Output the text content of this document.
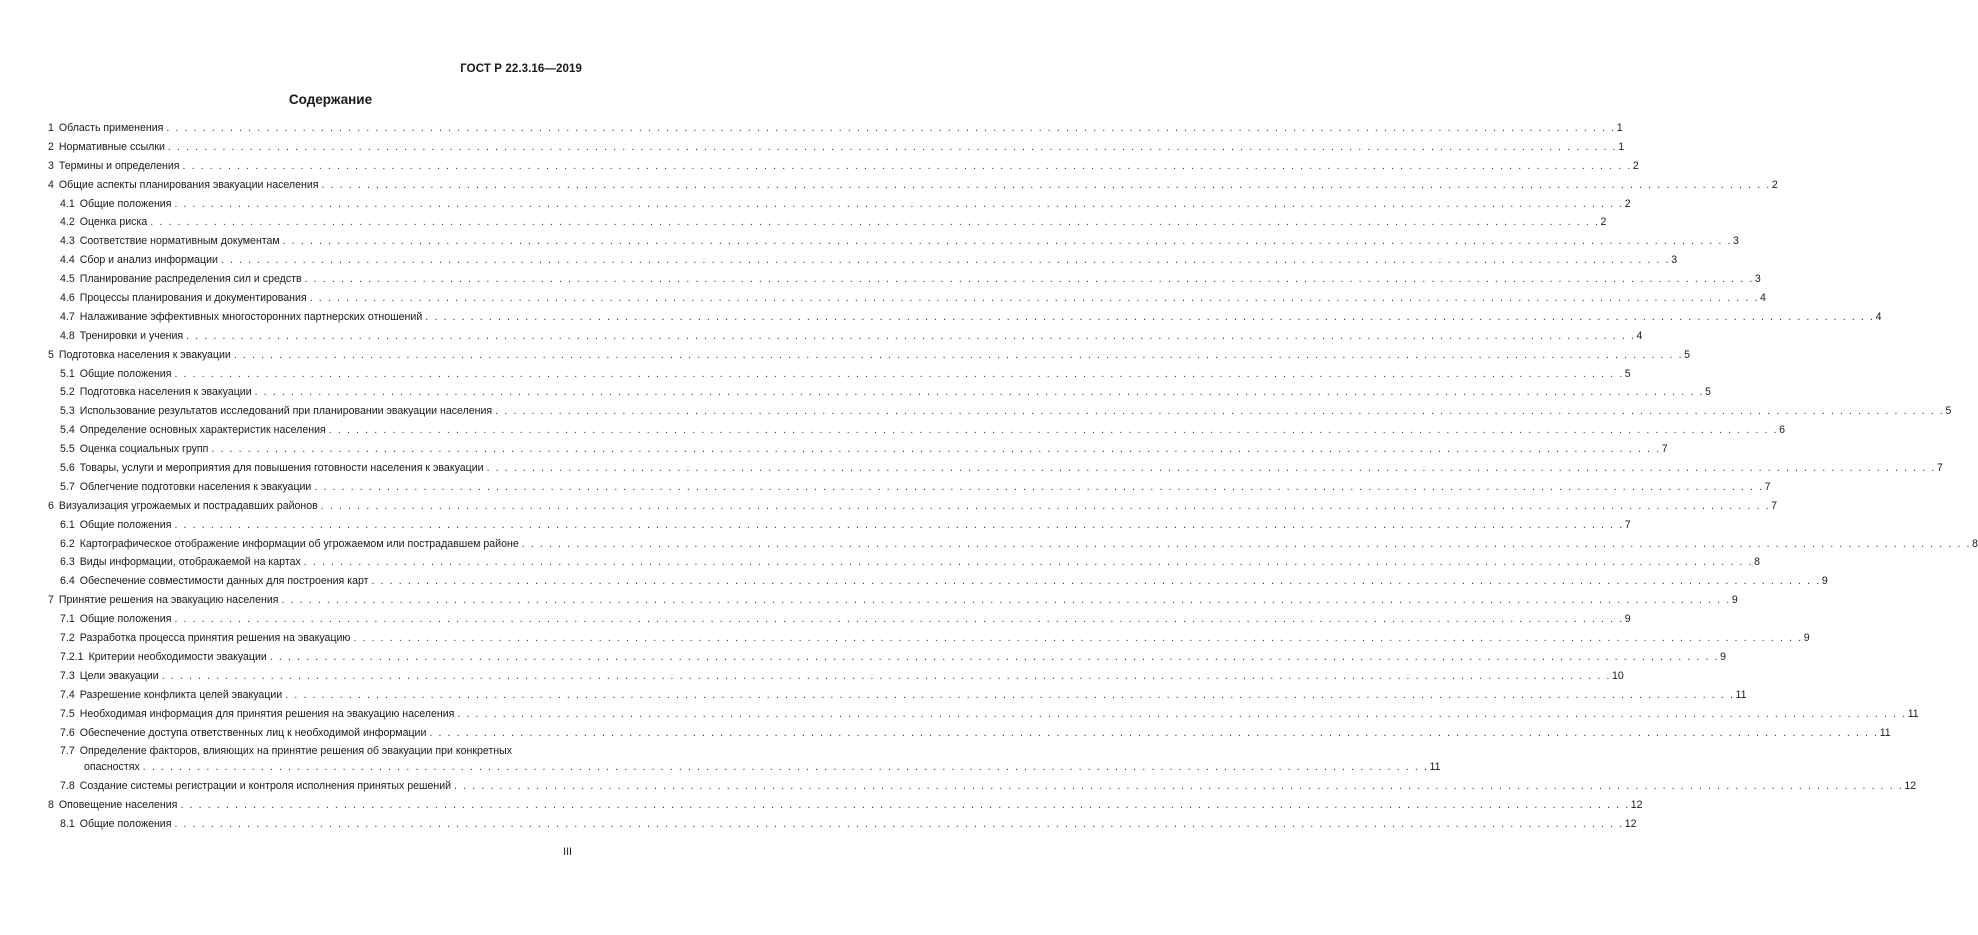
ГОСТ Р 22.3.16—2019
Содержание
1 Область применения . . . . . . . . . . . . . . . . . . . . . . . . . . . . . . . . . . . . . . . . . . . . . . . . . . . . . . . . . . . . . . . . . . . . . . . . . . . . . . . . . . . . . . . . . . . . . . . . . . . . . . . . . . . . . . . . . . . . . . . . . . . . . . . . . . . . . . . . . . . . . . . . . . . . . . . . . . . . . . . . 1
2 Нормативные ссылки . . . . . . . . . . . . . . . . . . . . . . . . . . . . . . . . . . . . . . . . . . . . . . . . . . . . . . . . . . . . . . . . . . . . . . . . . . . . . . . . . . . . . . . . . . . . . . . . . . . . . . . . . . . . . . . . . . . . . . . . . . . . . . . . . . . . . . . . . . . . . . . . . . . . . . . . . . . . . . . . 1
3 Термины и определения . . . . . . . . . . . . . . . . . . . . . . . . . . . . . . . . . . . . . . . . . . . . . . . . . . . . . . . . . . . . . . . . . . . . . . . . . . . . . . . . . . . . . . . . . . . . . . . . . . . . . . . . . . . . . . . . . . . . . . . . . . . . . . . . . . . . . . . . . . . . . . . . . . . . . . . . . . . . . . . . 2
4 Общие аспекты планирования эвакуации населения . . . . . . . . . . . . . . . . . . . . . . . . . . . . . . . . . . . . . . . . . . . . . . . . . . . . . . . . . . . . . . . . . . . . . . . . . . . . . . . . . . . . . . . . . . . . . . . . . . . . . . . . . . . . . . . . . . . . . . . . . . . . . . . . . . . . . . . . . . . . . . . . . . . . . . . . . . . . . . . . 2
4.1 Общие положения . . . . . . . . . . . . . . . . . . . . . . . . . . . . . . . . . . . . . . . . . . . . . . . . . . . . . . . . . . . . . . . . . . . . . . . . . . . . . . . . . . . . . . . . . . . . . . . . . . . . . . . . . . . . . . . . . . . . . . . . . . . . . . . . . . . . . . . . . . . . . . . . . . . . . . . . . . . . . . . . 2
4.2 Оценка риска . . . . . . . . . . . . . . . . . . . . . . . . . . . . . . . . . . . . . . . . . . . . . . . . . . . . . . . . . . . . . . . . . . . . . . . . . . . . . . . . . . . . . . . . . . . . . . . . . . . . . . . . . . . . . . . . . . . . . . . . . . . . . . . . . . . . . . . . . . . . . . . . . . . . . . . . . . . . . . . . 2
4.3 Соответствие нормативным документам . . . . . . . . . . . . . . . . . . . . . . . . . . . . . . . . . . . . . . . . . . . . . . . . . . . . . . . . . . . . . . . . . . . . . . . . . . . . . . . . . . . . . . . . . . . . . . . . . . . . . . . . . . . . . . . . . . . . . . . . . . . . . . . . . . . . . . . . . . . . . . . . . . . . . . . . . . . . . . . . 3
4.4 Сбор и анализ информации . . . . . . . . . . . . . . . . . . . . . . . . . . . . . . . . . . . . . . . . . . . . . . . . . . . . . . . . . . . . . . . . . . . . . . . . . . . . . . . . . . . . . . . . . . . . . . . . . . . . . . . . . . . . . . . . . . . . . . . . . . . . . . . . . . . . . . . . . . . . . . . . . . . . . . . . . . . . . . . . 3
4.5 Планирование распределения сил и средств . . . . . . . . . . . . . . . . . . . . . . . . . . . . . . . . . . . . . . . . . . . . . . . . . . . . . . . . . . . . . . . . . . . . . . . . . . . . . . . . . . . . . . . . . . . . . . . . . . . . . . . . . . . . . . . . . . . . . . . . . . . . . . . . . . . . . . . . . . . . . . . . . . . . . . . . . . . . . . . . 3
4.6 Процессы планирования и документирования . . . . . . . . . . . . . . . . . . . . . . . . . . . . . . . . . . . . . . . . . . . . . . . . . . . . . . . . . . . . . . . . . . . . . . . . . . . . . . . . . . . . . . . . . . . . . . . . . . . . . . . . . . . . . . . . . . . . . . . . . . . . . . . . . . . . . . . . . . . . . . . . . . . . . . . . . . . . . . . . 4
4.7 Налаживание эффективных многосторонних партнерских отношений . . . . . . . . . . . . . . . . . . . . . . . . . . . . . . . . . . . . . . . . . . . . . . . . . . . . . . . . . . . . . . . . . . . . . . . . . . . . . . . . . . . . . . . . . . . . . . . . . . . . . . . . . . . . . . . . . . . . . . . . . . . . . . . . . . . . . . . . . . . . . . . . . . . . . . . . . . . . . . . . 4
4.8 Тренировки и учения . . . . . . . . . . . . . . . . . . . . . . . . . . . . . . . . . . . . . . . . . . . . . . . . . . . . . . . . . . . . . . . . . . . . . . . . . . . . . . . . . . . . . . . . . . . . . . . . . . . . . . . . . . . . . . . . . . . . . . . . . . . . . . . . . . . . . . . . . . . . . . . . . . . . . . . . . . . . . . . . 4
5 Подготовка населения к эвакуации . . . . . . . . . . . . . . . . . . . . . . . . . . . . . . . . . . . . . . . . . . . . . . . . . . . . . . . . . . . . . . . . . . . . . . . . . . . . . . . . . . . . . . . . . . . . . . . . . . . . . . . . . . . . . . . . . . . . . . . . . . . . . . . . . . . . . . . . . . . . . . . . . . . . . . . . . . . . . . . . 5
5.1 Общие положения . . . . . . . . . . . . . . . . . . . . . . . . . . . . . . . . . . . . . . . . . . . . . . . . . . . . . . . . . . . . . . . . . . . . . . . . . . . . . . . . . . . . . . . . . . . . . . . . . . . . . . . . . . . . . . . . . . . . . . . . . . . . . . . . . . . . . . . . . . . . . . . . . . . . . . . . . . . . . . . . 5
5.2 Подготовка населения к эвакуации . . . . . . . . . . . . . . . . . . . . . . . . . . . . . . . . . . . . . . . . . . . . . . . . . . . . . . . . . . . . . . . . . . . . . . . . . . . . . . . . . . . . . . . . . . . . . . . . . . . . . . . . . . . . . . . . . . . . . . . . . . . . . . . . . . . . . . . . . . . . . . . . . . . . . . . . . . . . . . . . 5
5.3 Использование результатов исследований при планировании эвакуации населения . . . . . . . . . . . . . . . . . . . . . . . . . . . . . . . . . . . . . . . . . . . . . . . . . . . . . . . . . . . . . . . . . . . . . . . . . . . . . . . . . . . . . . . . . . . . . . . . . . . . . . . . . . . . . . . . . . . . . . . . . . . . . . . . . . . . . . . . . . . . . . . . . . . . . . . . . . . . . . . . 5
5.4 Определение основных характеристик населения . . . . . . . . . . . . . . . . . . . . . . . . . . . . . . . . . . . . . . . . . . . . . . . . . . . . . . . . . . . . . . . . . . . . . . . . . . . . . . . . . . . . . . . . . . . . . . . . . . . . . . . . . . . . . . . . . . . . . . . . . . . . . . . . . . . . . . . . . . . . . . . . . . . . . . . . . . . . . . . . 6
5.5 Оценка социальных групп . . . . . . . . . . . . . . . . . . . . . . . . . . . . . . . . . . . . . . . . . . . . . . . . . . . . . . . . . . . . . . . . . . . . . . . . . . . . . . . . . . . . . . . . . . . . . . . . . . . . . . . . . . . . . . . . . . . . . . . . . . . . . . . . . . . . . . . . . . . . . . . . . . . . . . . . . . . . . . . . 7
5.6 Товары, услуги и мероприятия для повышения готовности населения к эвакуации . . . . . . . . . . . . . . . . . . . . . . . . . . . . . . . . . . . . . . . . . . . . . . . . . . . . . . . . . . . . . . . . . . . . . . . . . . . . . . . . . . . . . . . . . . . . . . . . . . . . . . . . . . . . . . . . . . . . . . . . . . . . . . . . . . . . . . . . . . . . . . . . . . . . . . . . . . . . . . . . 7
5.7 Облегчение подготовки населения к эвакуации . . . . . . . . . . . . . . . . . . . . . . . . . . . . . . . . . . . . . . . . . . . . . . . . . . . . . . . . . . . . . . . . . . . . . . . . . . . . . . . . . . . . . . . . . . . . . . . . . . . . . . . . . . . . . . . . . . . . . . . . . . . . . . . . . . . . . . . . . . . . . . . . . . . . . . . . . . . . . . . . 7
6 Визуализация угрожаемых и пострадавших районов . . . . . . . . . . . . . . . . . . . . . . . . . . . . . . . . . . . . . . . . . . . . . . . . . . . . . . . . . . . . . . . . . . . . . . . . . . . . . . . . . . . . . . . . . . . . . . . . . . . . . . . . . . . . . . . . . . . . . . . . . . . . . . . . . . . . . . . . . . . . . . . . . . . . . . . . . . . . . . . . 7
6.1 Общие положения . . . . . . . . . . . . . . . . . . . . . . . . . . . . . . . . . . . . . . . . . . . . . . . . . . . . . . . . . . . . . . . . . . . . . . . . . . . . . . . . . . . . . . . . . . . . . . . . . . . . . . . . . . . . . . . . . . . . . . . . . . . . . . . . . . . . . . . . . . . . . . . . . . . . . . . . . . . . . . . . 7
6.2 Картографическое отображение информации об угрожаемом или пострадавшем районе . . . . . . . . . . . . . . . . . . . . . . . . . . . . . . . . . . . . . . . . . . . . . . . . . . . . . . . . . . . . . . . . . . . . . . . . . . . . . . . . . . . . . . . . . . . . . . . . . . . . . . . . . . . . . . . . . . . . . . . . . . . . . . . . . . . . . . . . . . . . . . . . . . . . . . . . . . . . . . . . 8
6.3 Виды информации, отображаемой на картах . . . . . . . . . . . . . . . . . . . . . . . . . . . . . . . . . . . . . . . . . . . . . . . . . . . . . . . . . . . . . . . . . . . . . . . . . . . . . . . . . . . . . . . . . . . . . . . . . . . . . . . . . . . . . . . . . . . . . . . . . . . . . . . . . . . . . . . . . . . . . . . . . . . . . . . . . . . . . . . . 8
6.4 Обеспечение совместимости данных для построения карт . . . . . . . . . . . . . . . . . . . . . . . . . . . . . . . . . . . . . . . . . . . . . . . . . . . . . . . . . . . . . . . . . . . . . . . . . . . . . . . . . . . . . . . . . . . . . . . . . . . . . . . . . . . . . . . . . . . . . . . . . . . . . . . . . . . . . . . . . . . . . . . . . . . . . . . . . . . . . . . . 9
7 Принятие решения на эвакуацию населения . . . . . . . . . . . . . . . . . . . . . . . . . . . . . . . . . . . . . . . . . . . . . . . . . . . . . . . . . . . . . . . . . . . . . . . . . . . . . . . . . . . . . . . . . . . . . . . . . . . . . . . . . . . . . . . . . . . . . . . . . . . . . . . . . . . . . . . . . . . . . . . . . . . . . . . . . . . . . . . . 9
7.1 Общие положения . . . . . . . . . . . . . . . . . . . . . . . . . . . . . . . . . . . . . . . . . . . . . . . . . . . . . . . . . . . . . . . . . . . . . . . . . . . . . . . . . . . . . . . . . . . . . . . . . . . . . . . . . . . . . . . . . . . . . . . . . . . . . . . . . . . . . . . . . . . . . . . . . . . . . . . . . . . . . . . . 9
7.2 Разработка процесса принятия решения на эвакуацию . . . . . . . . . . . . . . . . . . . . . . . . . . . . . . . . . . . . . . . . . . . . . . . . . . . . . . . . . . . . . . . . . . . . . . . . . . . . . . . . . . . . . . . . . . . . . . . . . . . . . . . . . . . . . . . . . . . . . . . . . . . . . . . . . . . . . . . . . . . . . . . . . . . . . . . . . . . . . . . . 9
7.2.1 Критерии необходимости эвакуации . . . . . . . . . . . . . . . . . . . . . . . . . . . . . . . . . . . . . . . . . . . . . . . . . . . . . . . . . . . . . . . . . . . . . . . . . . . . . . . . . . . . . . . . . . . . . . . . . . . . . . . . . . . . . . . . . . . . . . . . . . . . . . . . . . . . . . . . . . . . . . . . . . . . . . . . . . . . . . . . 9
7.3 Цели эвакуации . . . . . . . . . . . . . . . . . . . . . . . . . . . . . . . . . . . . . . . . . . . . . . . . . . . . . . . . . . . . . . . . . . . . . . . . . . . . . . . . . . . . . . . . . . . . . . . . . . . . . . . . . . . . . . . . . . . . . . . . . . . . . . . . . . . . . . . . . . . . . . . . . . . . . . . . . . . . . . . . 10
7.4 Разрешение конфликта целей эвакуации . . . . . . . . . . . . . . . . . . . . . . . . . . . . . . . . . . . . . . . . . . . . . . . . . . . . . . . . . . . . . . . . . . . . . . . . . . . . . . . . . . . . . . . . . . . . . . . . . . . . . . . . . . . . . . . . . . . . . . . . . . . . . . . . . . . . . . . . . . . . . . . . . . . . . . . . . . . . . . . . 11
7.5 Необходимая информация для принятия решения на эвакуацию населения . . . . . . . . . . . . . . . . . . . . . . . . . . . . . . . . . . . . . . . . . . . . . . . . . . . . . . . . . . . . . . . . . . . . . . . . . . . . . . . . . . . . . . . . . . . . . . . . . . . . . . . . . . . . . . . . . . . . . . . . . . . . . . . . . . . . . . . . . . . . . . . . . . . . . . . . . . . . . . . . 11
7.6 Обеспечение доступа ответственных лиц к необходимой информации . . . . . . . . . . . . . . . . . . . . . . . . . . . . . . . . . . . . . . . . . . . . . . . . . . . . . . . . . . . . . . . . . . . . . . . . . . . . . . . . . . . . . . . . . . . . . . . . . . . . . . . . . . . . . . . . . . . . . . . . . . . . . . . . . . . . . . . . . . . . . . . . . . . . . . . . . . . . . . . . 11
7.7 Определение факторов, влияющих на принятие решения об эвакуации при конкретных
опасностях . . . . . . . . . . . . . . . . . . . . . . . . . . . . . . . . . . . . . . . . . . . . . . . . . . . . . . . . . . . . . . . . . . . . . . . . . . . . . . . . . . . . . . . . . . . . . . . . . . . . . . . . . . . . . . . . . . . . . . . . . . . . . . . . . . . . . . . . . . . . . . 11
7.8 Создание системы регистрации и контроля исполнения принятых решений . . . . . . . . . . . . . . . . . . . . . . . . . . . . . . . . . . . . . . . . . . . . . . . . . . . . . . . . . . . . . . . . . . . . . . . . . . . . . . . . . . . . . . . . . . . . . . . . . . . . . . . . . . . . . . . . . . . . . . . . . . . . . . . . . . . . . . . . . . . . . . . . . . . . . . . . . . . . . . . . 12
8 Оповещение населения . . . . . . . . . . . . . . . . . . . . . . . . . . . . . . . . . . . . . . . . . . . . . . . . . . . . . . . . . . . . . . . . . . . . . . . . . . . . . . . . . . . . . . . . . . . . . . . . . . . . . . . . . . . . . . . . . . . . . . . . . . . . . . . . . . . . . . . . . . . . . . . . . . . . . . . . . . . . . . . . 12
8.1 Общие положения . . . . . . . . . . . . . . . . . . . . . . . . . . . . . . . . . . . . . . . . . . . . . . . . . . . . . . . . . . . . . . . . . . . . . . . . . . . . . . . . . . . . . . . . . . . . . . . . . . . . . . . . . . . . . . . . . . . . . . . . . . . . . . . . . . . . . . . . . . . . . . . . . . . . . . . . . . . . . . . . 12
III
